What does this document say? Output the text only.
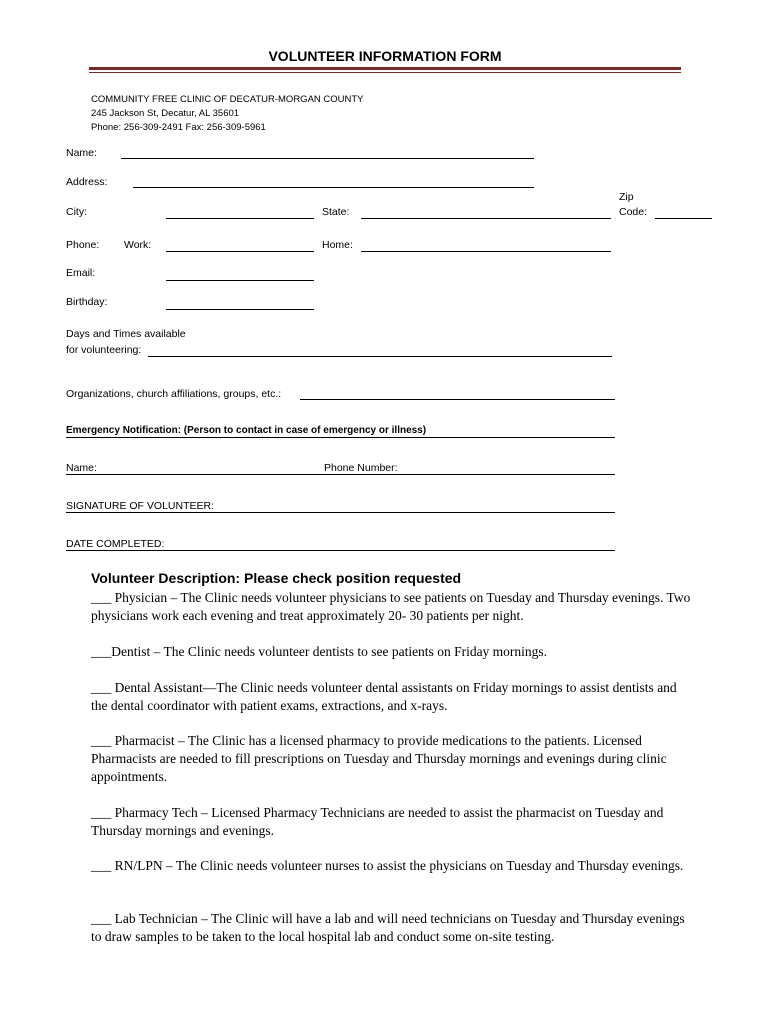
VOLUNTEER INFORMATION FORM
COMMUNITY FREE CLINIC OF DECATUR-MORGAN COUNTY
245 Jackson St, Decatur, AL 35601
Phone: 256-309-2491 Fax: 256-309-5961
Name:
Address:
City:	State:
Zip
Code:
Phone: Work:	Home:
Email:
Birthday:
Days and Times available
for volunteering:
Organizations, church affiliations, groups, etc.:
Emergency Notification: (Person to contact in case of emergency or illness)
Name:	Phone Number:
SIGNATURE OF VOLUNTEER:
DATE COMPLETED:
Volunteer Description: Please check position requested
___ Physician – The Clinic needs volunteer physicians to see patients on Tuesday and Thursday evenings. Two physicians work each evening and treat approximately 20- 30 patients per night.
___Dentist – The Clinic needs volunteer dentists to see patients on Friday mornings.
___ Dental Assistant—The Clinic needs volunteer dental assistants on Friday mornings to assist dentists and the dental coordinator with patient exams, extractions, and x-rays.
___ Pharmacist – The Clinic has a licensed pharmacy to provide medications to the patients. Licensed Pharmacists are needed to fill prescriptions on Tuesday and Thursday mornings and evenings during clinic appointments.
___ Pharmacy Tech – Licensed Pharmacy Technicians are needed to assist the pharmacist on Tuesday and Thursday mornings and evenings.
___ RN/LPN – The Clinic needs volunteer nurses to assist the physicians on Tuesday and Thursday evenings.
___ Lab Technician – The Clinic will have a lab and will need technicians on Tuesday and Thursday evenings to draw samples to be taken to the local hospital lab and conduct some on-site testing.
